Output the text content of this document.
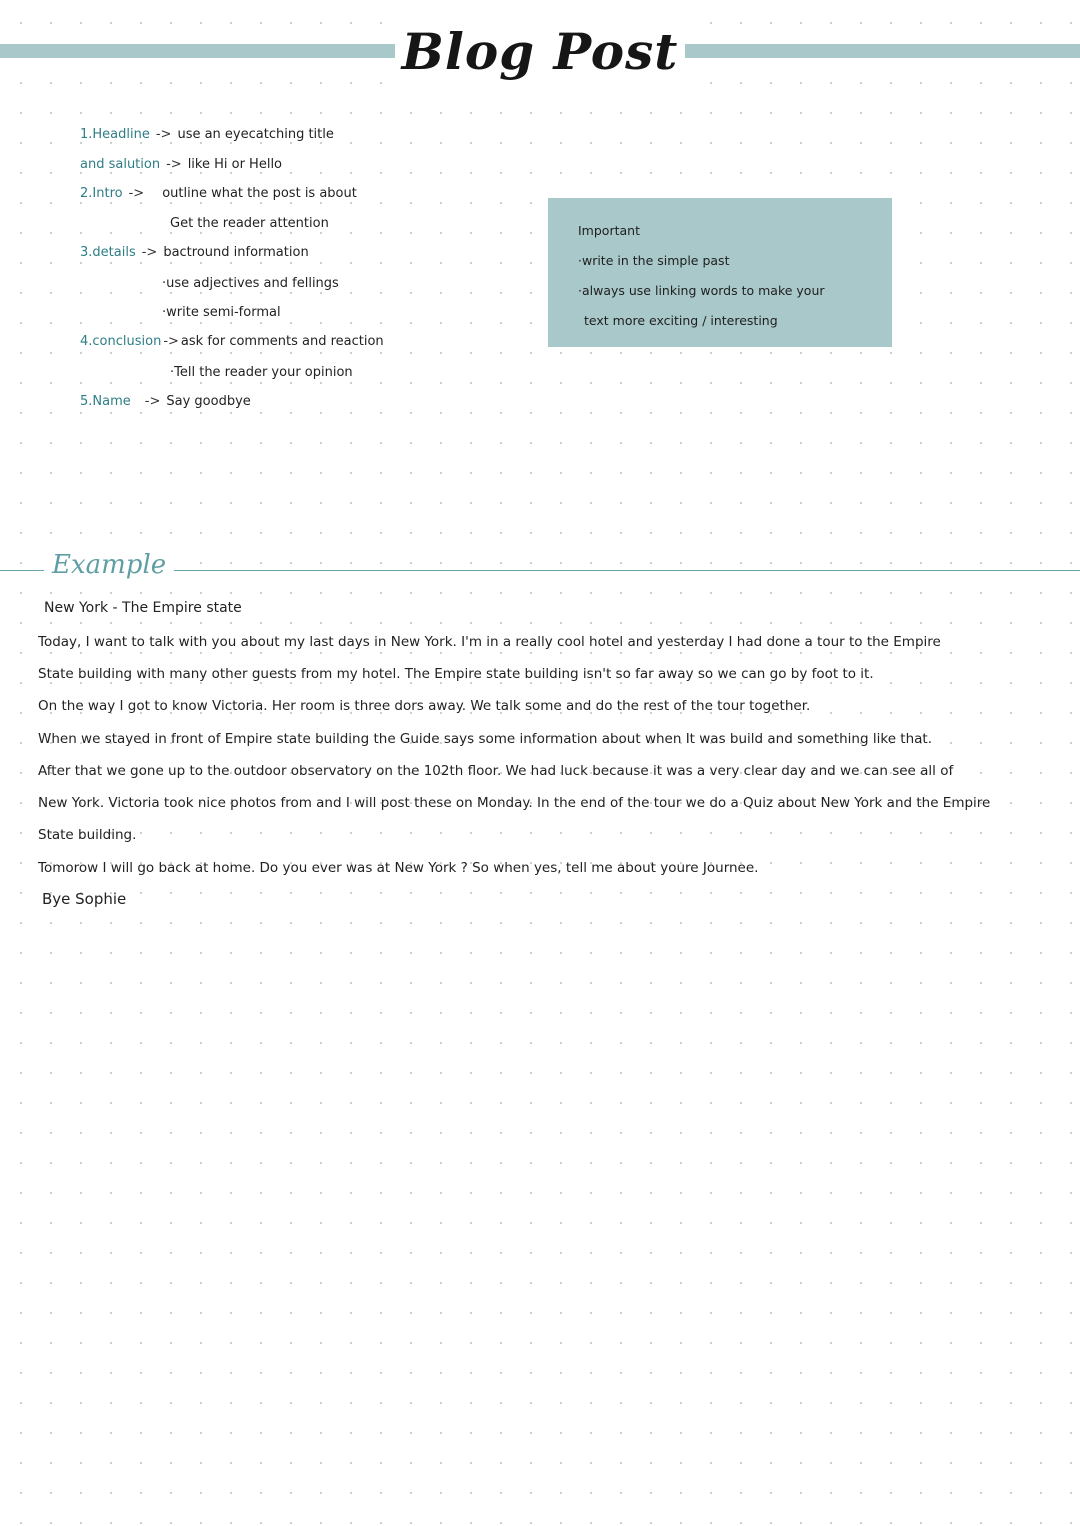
Blog Post
1.Headline -> use an eyecatching title
and salution -> like Hi or Hello
2.Intro -> outline what the post is about
Get the reader attention
3.details -> bactround information
·use adjectives and fellings
·write semi-formal
4.conclusion -> ask for comments and reaction
·Tell the reader your opinion
5.Name -> Say goodbye
Important
·write in the simple past
·always use linking words to make your
text more exciting / interesting
Example
New York - The Empire state
Today, I want to talk with you about my last days in New York. I'm in a really cool hotel and yesterday I had done a tour to the Empire
State building with many other guests from my hotel. The Empire state building isn't so far away so we can go by foot to it.
On the way I got to know Victoria. Her room is three dors away. We talk some and do the rest of the tour together.
When we stayed in front of Empire state building the Guide says some information about when It was build and something like that.
After that we gone up to the outdoor observatory on the 102th floor. We had luck because it was a very clear day and we can see all of
New York. Victoria took nice photos from and I will post these on Monday. In the end of the tour we do a Quiz about New York and the Empire
State building.
Tomorow I will go back at home. Do you ever was at New York ? So when yes, tell me about youre Journee.
Bye Sophie
